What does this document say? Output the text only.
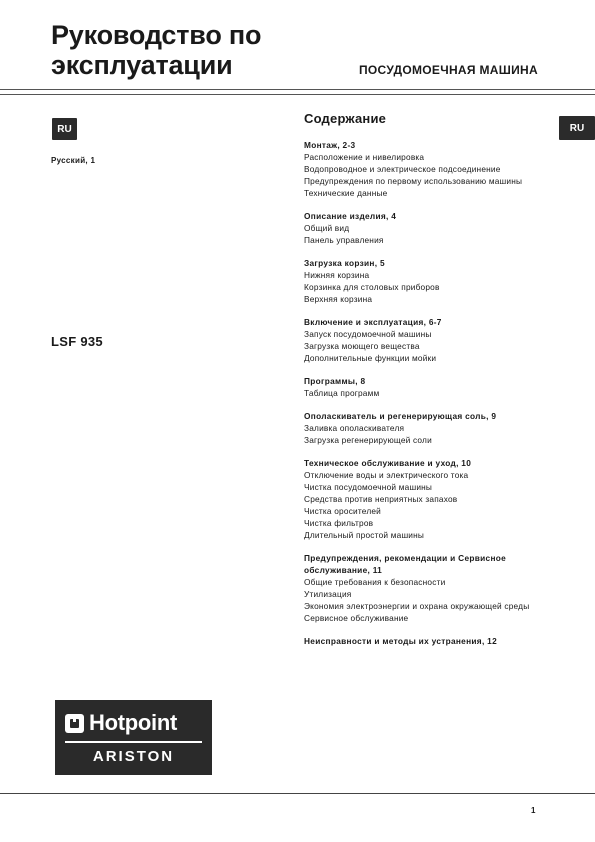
Руководство по
эксплуатации	ПОСУДОМОЕЧНАЯ МАШИНА
RU
Русский, 1
LSF 935
RU
Содержание
Монтаж, 2-3
Расположение и нивелировка
Водопроводное и электрическое подсоединение
Предупреждения по первому использованию машины
Технические данные
Описание изделия, 4
Общий вид
Панель управления
Загрузка корзин, 5
Нижняя корзина
Корзинка для столовых приборов
Верхняя корзина
Включение и эксплуатация, 6-7
Запуск посудомоечной машины
Загрузка моющего вещества
Дополнительные функции мойки
Программы, 8
Таблица программ
Ополаскиватель и регенерирующая соль, 9
Заливка ополаскивателя
Загрузка регенерирующей соли
Техническое обслуживание и уход, 10
Отключение воды и электрического тока
Чистка посудомоечной машины
Средства против неприятных запахов
Чистка оросителей
Чистка фильтров
Длительный простой машины
Предупреждения, рекомендации и Сервисное обслуживание, 11
Общие требования к безопасности
Утилизация
Экономия электроэнергии и охрана окружающей среды
Сервисное обслуживание
Неисправности и методы их устранения, 12
Hotpoint
ARISTON
1
